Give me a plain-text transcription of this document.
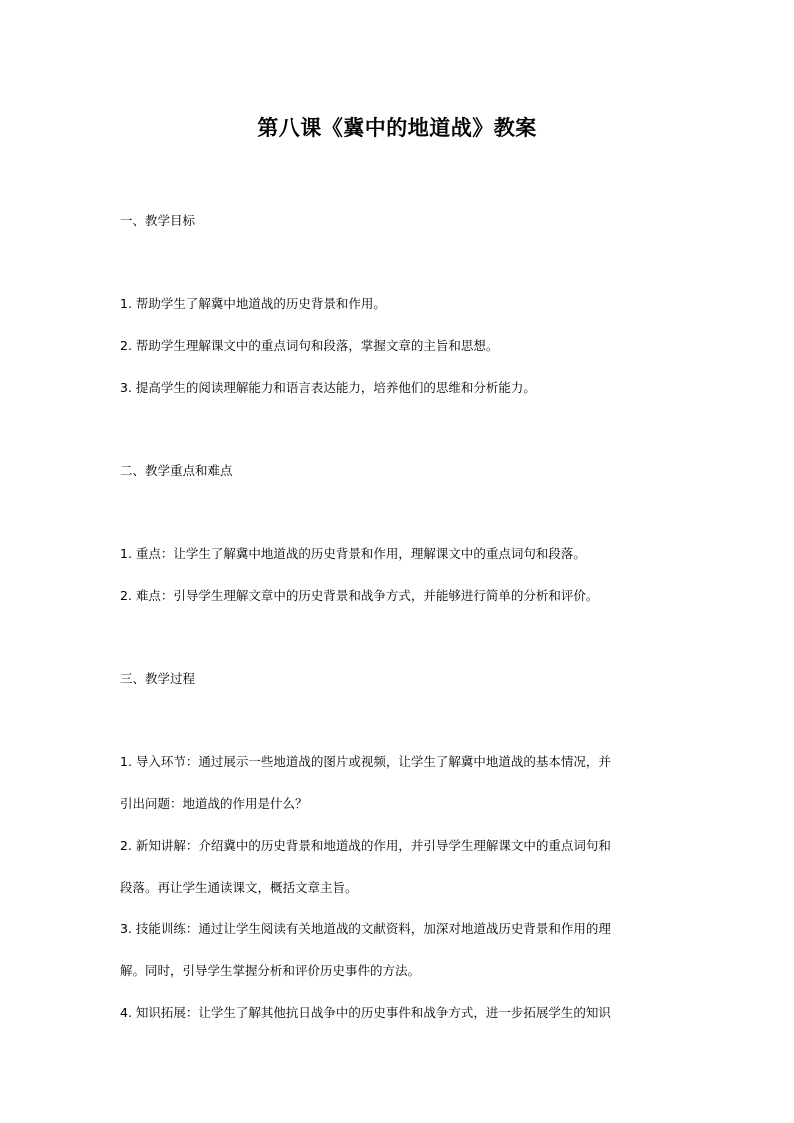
第八课《冀中的地道战》教案
一、教学目标
1. 帮助学生了解冀中地道战的历史背景和作用。
2. 帮助学生理解课文中的重点词句和段落，掌握文章的主旨和思想。
3. 提高学生的阅读理解能力和语言表达能力，培养他们的思维和分析能力。
二、教学重点和难点
1. 重点：让学生了解冀中地道战的历史背景和作用，理解课文中的重点词句和段落。
2. 难点：引导学生理解文章中的历史背景和战争方式，并能够进行简单的分析和评价。
三、教学过程
1. 导入环节：通过展示一些地道战的图片或视频，让学生了解冀中地道战的基本情况，并
引出问题：地道战的作用是什么？
2. 新知讲解：介绍冀中的历史背景和地道战的作用，并引导学生理解课文中的重点词句和
段落。再让学生通读课文，概括文章主旨。
3. 技能训练：通过让学生阅读有关地道战的文献资料，加深对地道战历史背景和作用的理
解。同时，引导学生掌握分析和评价历史事件的方法。
4. 知识拓展：让学生了解其他抗日战争中的历史事件和战争方式，进一步拓展学生的知识
